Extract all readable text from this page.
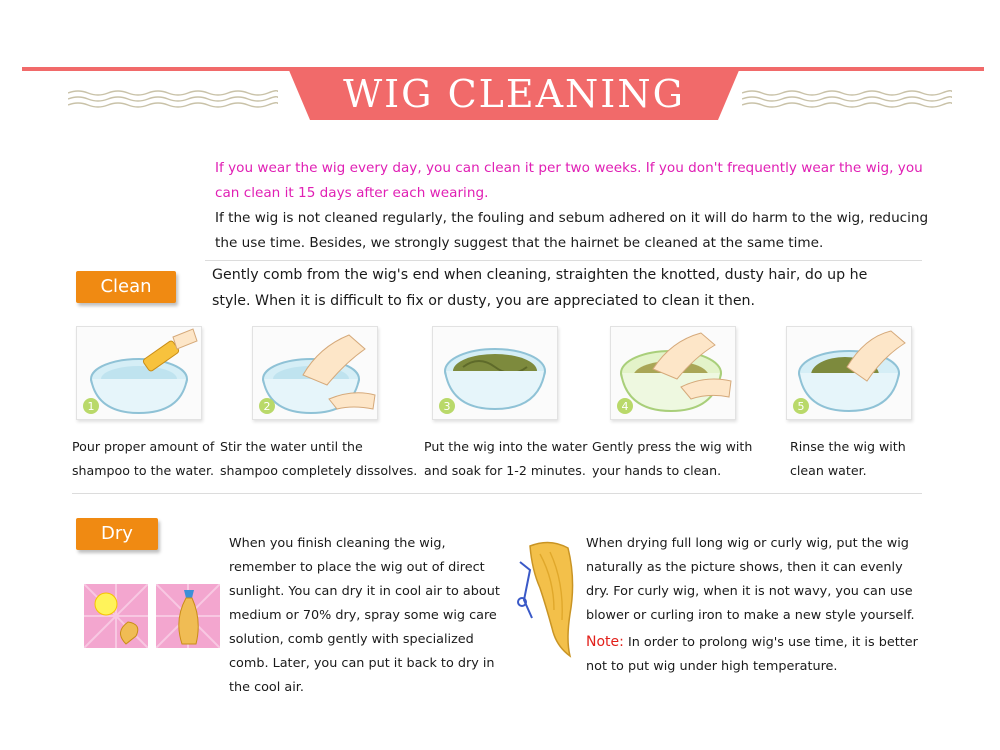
WIG CLEANING
If you wear the wig every day, you can clean it per two weeks. If you don't frequently wear the wig, you can clean it 15 days after each wearing.
If the wig is not cleaned regularly, the fouling and sebum adhered on it will do harm to the wig, reducing the use time. Besides, we strongly suggest that the hairnet be cleaned at the same time.
Clean
Gently comb from the wig's end when cleaning, straighten the knotted, dusty hair, do up he style. When it is difficult to fix or dusty, you are appreciated to clean it then.
1	2	3	4	5
Pour proper amount of shampoo to the water.
Stir the water until the shampoo completely dissolves.
Put the wig into the water and soak for 1-2 minutes.
Gently press the wig with your hands to clean.
Rinse the wig with clean water.
Dry	When you finish cleaning the wig, remember to place the wig out of direct sunlight. You can dry it in cool air to about medium or 70% dry, spray some wig care solution, comb gently with specialized comb. Later, you can put it back to dry in the cool air.
When drying full long wig or curly wig, put the wig naturally as the picture shows, then it can evenly dry. For curly wig, when it is not wavy, you can use blower or curling iron to make a new style yourself.
Note: In order to prolong wig's use time, it is better not to put wig under high temperature.
